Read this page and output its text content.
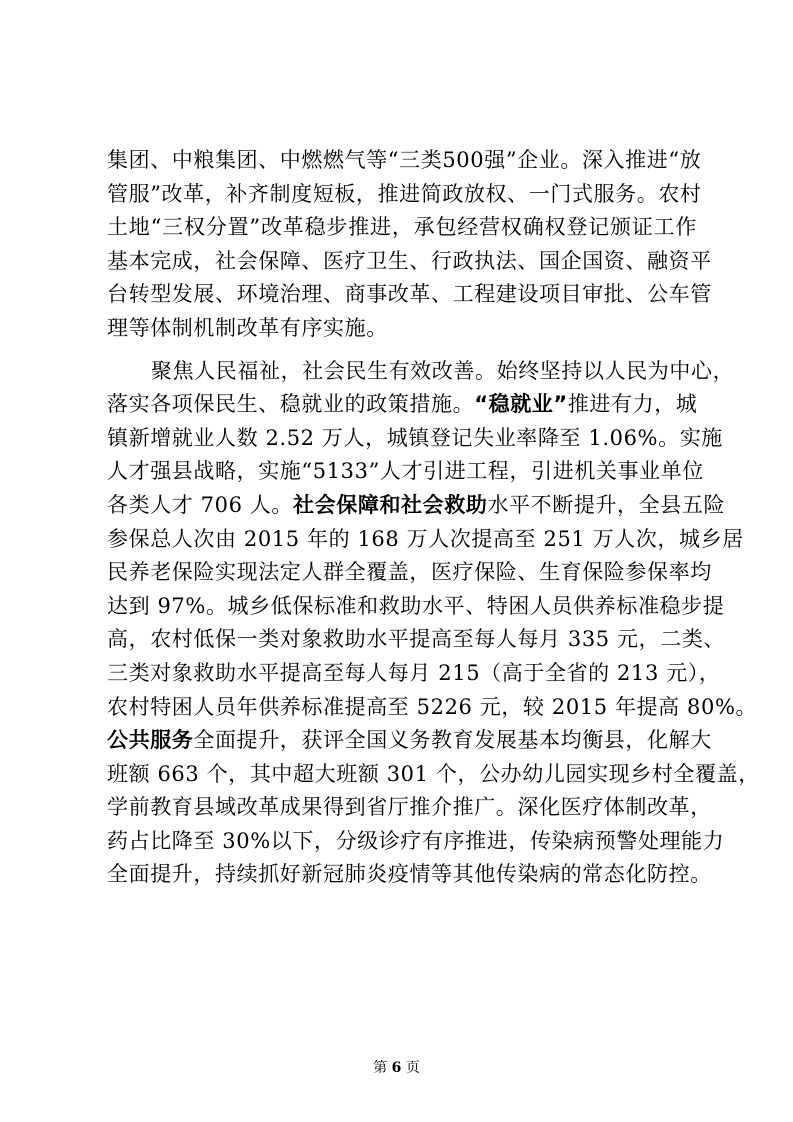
集团、中粮集团、中燃燃气等“三类500强”企业。深入推进“放
管服”改革，补齐制度短板，推进简政放权、一门式服务。农村
土地“三权分置”改革稳步推进，承包经营权确权登记颁证工作
基本完成，社会保障、医疗卫生、行政执法、国企国资、融资平
台转型发展、环境治理、商事改革、工程建设项目审批、公车管
理等体制机制改革有序实施。
聚焦人民福祉，社会民生有效改善。始终坚持以人民为中心，
落实各项保民生、稳就业的政策措施。“稳就业”推进有力，城
镇新增就业人数 2.52 万人，城镇登记失业率降至 1.06%。实施
人才强县战略，实施“5133”人才引进工程，引进机关事业单位
各类人才 706 人。社会保障和社会救助水平不断提升，全县五险
参保总人次由 2015 年的 168 万人次提高至 251 万人次，城乡居
民养老保险实现法定人群全覆盖，医疗保险、生育保险参保率均
达到 97%。城乡低保标准和救助水平、特困人员供养标准稳步提
高，农村低保一类对象救助水平提高至每人每月 335 元，二类、
三类对象救助水平提高至每人每月 215（高于全省的 213 元），
农村特困人员年供养标准提高至 5226 元，较 2015 年提高 80%。
公共服务全面提升，获评全国义务教育发展基本均衡县，化解大
班额 663 个，其中超大班额 301 个，公办幼儿园实现乡村全覆盖，
学前教育县域改革成果得到省厅推介推广。深化医疗体制改革，
药占比降至 30%以下，分级诊疗有序推进，传染病预警处理能力
全面提升，持续抓好新冠肺炎疫情等其他传染病的常态化防控。
第 6 页
